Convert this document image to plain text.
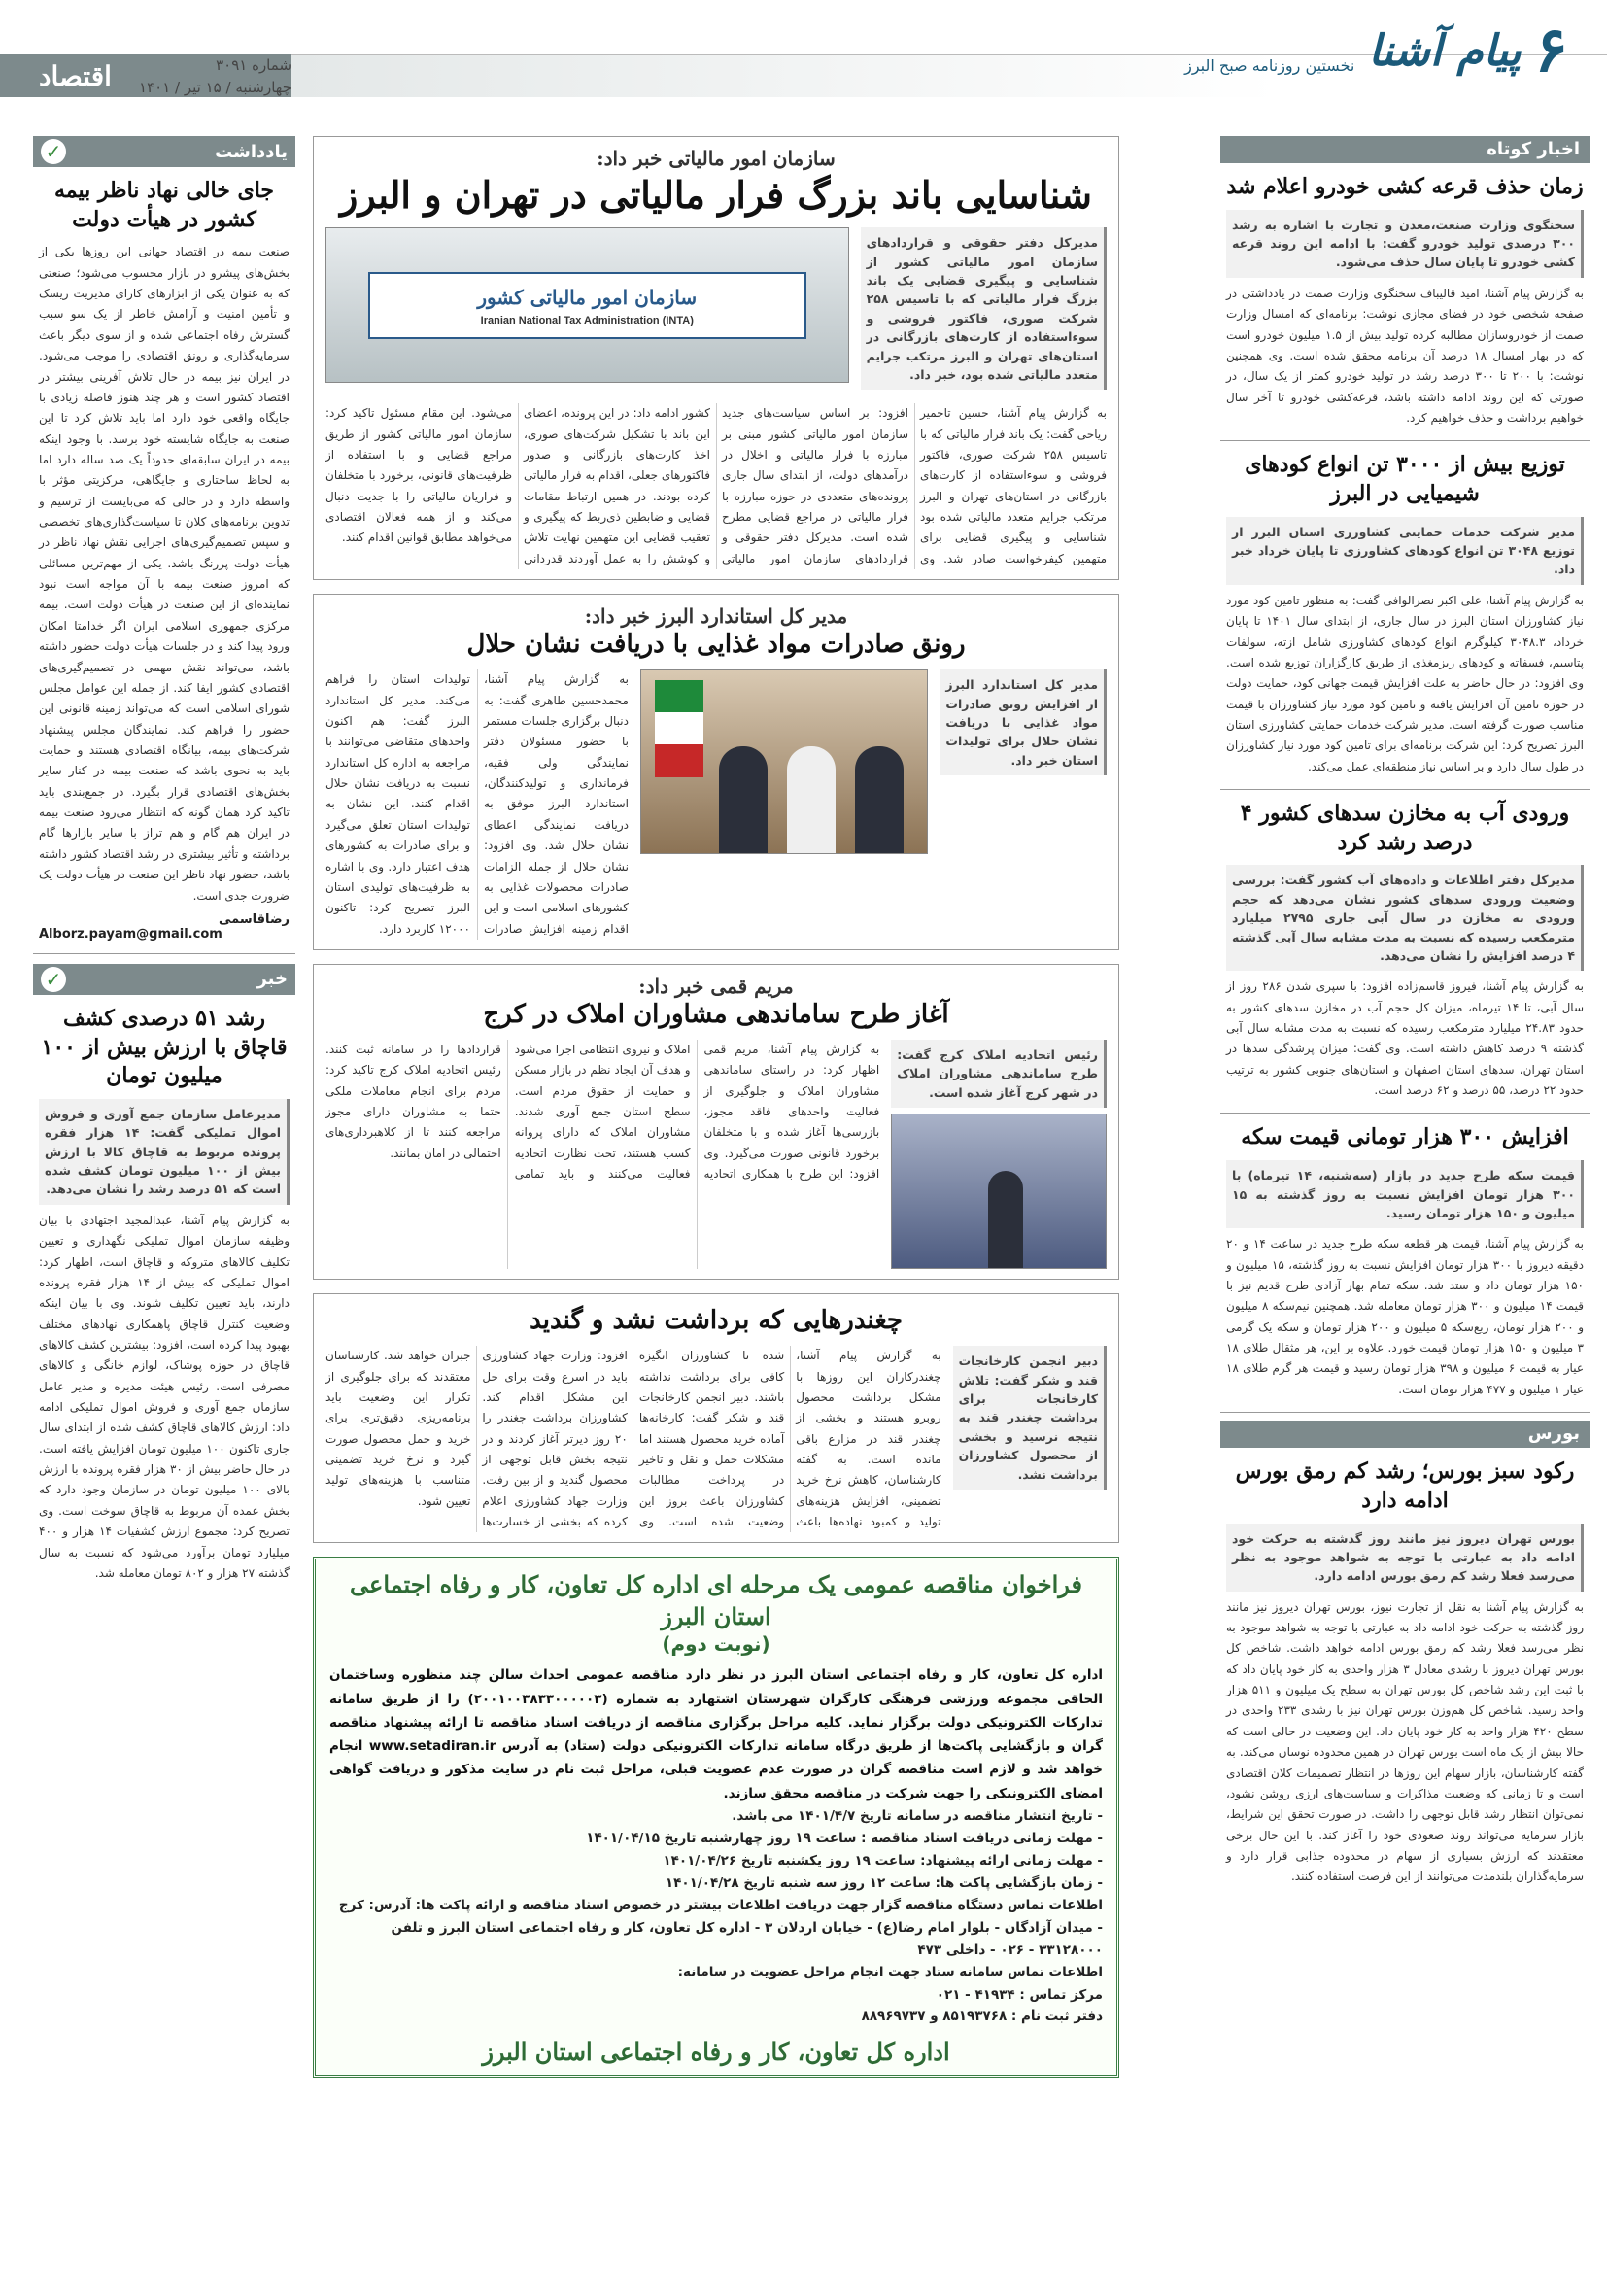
۶
پیام آشنا
نخستین روزنامه صبح البرز
اقتصاد	شماره ۳۰۹۱
چهارشنبه / ۱۵ تیر / ۱۴۰۱
اخبار کوتاه
زمان حذف قرعه کشی خودرو اعلام شد
سخنگوی وزارت صنعت،معدن و تجارت با اشاره به رشد ۳۰۰ درصدی تولید خودرو گفت: با ادامه این روند قرعه کشی خودرو تا پایان سال حذف می‌شود.
به گزارش پیام آشنا، امید قالیباف سخنگوی وزارت صمت در یادداشتی در صفحه شخصی خود در فضای مجازی نوشت: برنامه‌ای که امسال وزارت صمت از خودروسازان مطالبه کرده تولید بیش از ۱.۵ میلیون خودرو است که در بهار امسال ۱۸ درصد آن برنامه محقق شده است. وی همچنین نوشت: با ۲۰۰ تا ۳۰۰ درصد رشد در تولید خودرو کمتر از یک سال، در صورتی که این روند ادامه داشته باشد، قرعه‌کشی خودرو تا آخر سال خواهیم برداشت و حذف خواهیم کرد.
توزیع بیش از ۳۰۰۰ تن انواع کودهای شیمیایی در البرز
مدیر شرکت خدمات حمایتی کشاورزی استان البرز از توزیع ۳۰۴۸ تن انواع کودهای کشاورزی تا پایان خرداد خبر داد.
به گزارش پیام آشنا، علی اکبر نصرالوافی گفت: به منظور تامین کود مورد نیاز کشاورزان استان البرز در سال جاری، از ابتدای سال ۱۴۰۱ تا پایان خرداد، ۳۰۴۸.۳ کیلوگرم انواع کودهای کشاورزی شامل ازته، سولفات پتاسیم، فسفاته و کودهای ریزمغذی از طریق کارگزاران توزیع شده است. وی افزود: در حال حاضر به علت افزایش قیمت جهانی کود، حمایت دولت در حوزه تامین آن افزایش یافته و تامین کود مورد نیاز کشاورزان با قیمت مناسب صورت گرفته است. مدیر شرکت خدمات حمایتی کشاورزی استان البرز تصریح کرد: این شرکت برنامه‌ای برای تامین کود مورد نیاز کشاورزان در طول سال دارد و بر اساس نیاز منطقه‌ای عمل می‌کند.
ورودی آب به مخازن سدهای کشور ۴ درصد رشد کرد
مدیرکل دفتر اطلاعات و داده‌های آب کشور گفت: بررسی وضعیت ورودی سدهای کشور نشان می‌دهد که حجم ورودی به مخازن در سال آبی جاری ۲۷۹۵ میلیارد مترمکعب رسیده که نسبت به مدت مشابه سال آبی گذشته ۴ درصد افزایش را نشان می‌دهد.
به گزارش پیام آشنا، فیروز قاسم‌زاده افزود: با سپری شدن ۲۸۶ روز از سال آبی، تا ۱۴ تیرماه، میزان کل حجم آب در مخازن سدهای کشور به حدود ۲۴.۸۳ میلیارد مترمکعب رسیده که نسبت به مدت مشابه سال آبی گذشته ۹ درصد کاهش داشته است. وی گفت: میزان پرشدگی سدها در استان تهران، سدهای استان اصفهان و استان‌های جنوبی کشور به ترتیب حدود ۲۲ درصد، ۵۵ درصد و ۶۲ درصد است.
افزایش ۳۰۰ هزار تومانی قیمت سکه
قیمت سکه طرح جدید در بازار (سه‌شنبه، ۱۴ تیرماه) با ۳۰۰ هزار تومان افزایش نسبت به روز گذشته به ۱۵ میلیون و ۱۵۰ هزار تومان رسید.
به گزارش پیام آشنا، قیمت هر قطعه سکه طرح جدید در ساعت ۱۴ و ۲۰ دقیقه دیروز با ۳۰۰ هزار تومان افزایش نسبت به روز گذشته، ۱۵ میلیون و ۱۵۰ هزار تومان داد و ستد شد. سکه تمام بهار آزادی طرح قدیم نیز با قیمت ۱۴ میلیون و ۳۰۰ هزار تومان معامله شد. همچنین نیم‌سکه ۸ میلیون و ۲۰۰ هزار تومان، ربع‌سکه ۵ میلیون و ۲۰۰ هزار تومان و سکه یک گرمی ۳ میلیون و ۱۵۰ هزار تومان قیمت خورد. علاوه بر این، هر مثقال طلای ۱۸ عیار به قیمت ۶ میلیون و ۳۹۸ هزار تومان رسید و قیمت هر گرم طلای ۱۸ عیار ۱ میلیون و ۴۷۷ هزار تومان است.
بورس
رکود سبز بورس؛ رشد کم رمق بورس ادامه دارد
بورس تهران دیروز نیز مانند روز گذشته به حرکت خود ادامه داد به عبارتی با توجه به شواهد موجود به نظر می‌رسد فعلا رشد کم رمق بورس ادامه دارد.
به گزارش پیام آشنا به نقل از تجارت نیوز، بورس تهران دیروز نیز مانند روز گذشته به حرکت خود ادامه داد به عبارتی با توجه به شواهد موجود به نظر می‌رسد فعلا رشد کم رمق بورس ادامه خواهد داشت. شاخص کل بورس تهران دیروز با رشدی معادل ۳ هزار واحدی به کار خود پایان داد که با ثبت این رشد شاخص کل بورس تهران به سطح یک میلیون و ۵۱۱ هزار واحد رسید. شاخص کل هم‌وزن بورس تهران نیز با رشدی ۲۳۳ واحدی در سطح ۴۲۰ هزار واحد به کار خود پایان داد. این وضعیت در حالی است که حالا بیش از یک ماه است بورس تهران در همین محدوده نوسان می‌کند. به گفته کارشناسان، بازار سهام این روزها در انتظار تصمیمات کلان اقتصادی است و تا زمانی که وضعیت مذاکرات و سیاست‌های ارزی روشن نشود، نمی‌توان انتظار رشد قابل توجهی را داشت. در صورت تحقق این شرایط، بازار سرمایه می‌تواند روند صعودی خود را آغاز کند. با این حال برخی معتقدند که ارزش بسیاری از سهام در محدوده جذابی قرار دارد و سرمایه‌گذاران بلندمدت می‌توانند از این فرصت استفاده کنند.
سازمان امور مالیاتی خبر داد:
شناسایی باند بزرگ فرار مالیاتی در تهران و البرز
مدیرکل دفتر حقوقی و قراردادهای سازمان امور مالیاتی کشور از شناسایی و پیگیری قضایی یک باند بزرگ فرار مالیاتی که با تاسیس ۲۵۸ شرکت صوری، فاکتور فروشی و سوءاستفاده از کارت‌های بازرگانی در استان‌های تهران و البرز مرتکب جرایم متعدد مالیاتی شده بود، خبر داد.
سازمان امور مالیاتی کشور
Iranian National Tax Administration (INTA)
به گزارش پیام آشنا، حسین تاجمیر ریاحی گفت: یک باند فرار مالیاتی که با تاسیس ۲۵۸ شرکت صوری، فاکتور فروشی و سوءاستفاده از کارت‌های بازرگانی در استان‌های تهران و البرز مرتکب جرایم متعدد مالیاتی شده بود شناسایی و پیگیری قضایی برای متهمین کیفرخواست صادر شد. وی افزود: بر اساس سیاست‌های جدید سازمان امور مالیاتی کشور مبنی بر مبارزه با فرار مالیاتی و اخلال در درآمدهای دولت، از ابتدای سال جاری پرونده‌های متعددی در حوزه مبارزه با فرار مالیاتی در مراجع قضایی مطرح شده است. مدیرکل دفتر حقوقی و قراردادهای سازمان امور مالیاتی کشور ادامه داد: در این پرونده، اعضای این باند با تشکیل شرکت‌های صوری، اخذ کارت‌های بازرگانی و صدور فاکتورهای جعلی، اقدام به فرار مالیاتی کرده بودند. در همین ارتباط مقامات قضایی و ضابطین ذی‌ربط که پیگیری و تعقیب قضایی این متهمین نهایت تلاش و کوشش را به عمل آوردند قدردانی می‌شود. این مقام مسئول تاکید کرد: سازمان امور مالیاتی کشور از طریق مراجع قضایی و با استفاده از ظرفیت‌های قانونی، برخورد با متخلفان و فراریان مالیاتی را با جدیت دنبال می‌کند و از همه فعالان اقتصادی می‌خواهد مطابق قوانین اقدام کنند.
مدیر کل استاندارد البرز خبر داد:
رونق صادرات مواد غذایی با دریافت نشان حلال
مدیر کل استاندارد البرز از افزایش رونق صادرات مواد غذایی با دریافت نشان حلال برای تولیدات استان خبر داد.
به گزارش پیام آشنا، محمدحسین طاهری گفت: به دنبال برگزاری جلسات مستمر با حضور مسئولان دفتر نمایندگی ولی فقیه، فرمانداری و تولیدکنندگان، استاندارد البرز موفق به دریافت نمایندگی اعطای نشان حلال شد. وی افزود: نشان حلال از جمله الزامات صادرات محصولات غذایی به کشورهای اسلامی است و این اقدام زمینه افزایش صادرات تولیدات استان را فراهم می‌کند. مدیر کل استاندارد البرز گفت: هم اکنون واحدهای متقاضی می‌توانند با مراجعه به اداره کل استاندارد نسبت به دریافت نشان حلال اقدام کنند. این نشان به تولیدات استان تعلق می‌گیرد و برای صادرات به کشورهای هدف اعتبار دارد. وی با اشاره به ظرفیت‌های تولیدی استان البرز تصریح کرد: تاکنون ۱۲۰۰۰ کاربرد دارد.
مریم قمی خبر داد:
آغاز طرح ساماندهی مشاوران املاک در کرج
رئیس اتحادیه املاک کرج گفت: طرح ساماندهی مشاوران املاک در شهر کرج آغاز شده است.
به گزارش پیام آشنا، مریم قمی اظهار کرد: در راستای ساماندهی مشاوران املاک و جلوگیری از فعالیت واحدهای فاقد مجوز، بازرسی‌ها آغاز شده و با متخلفان برخورد قانونی صورت می‌گیرد. وی افزود: این طرح با همکاری اتحادیه املاک و نیروی انتظامی اجرا می‌شود و هدف آن ایجاد نظم در بازار مسکن و حمایت از حقوق مردم است. سطح استان جمع آوری شدند. مشاوران املاک که دارای پروانه کسب هستند، تحت نظارت اتحادیه فعالیت می‌کنند و باید تمامی قراردادها را در سامانه ثبت کنند. رئیس اتحادیه املاک کرج تاکید کرد: مردم برای انجام معاملات ملکی حتما به مشاوران دارای مجوز مراجعه کنند تا از کلاهبرداری‌های احتمالی در امان بمانند.
چغندرهایی که برداشت نشد و گندید
دبیر انجمن کارخانجات قند و شکر گفت: تلاش کارخانجات برای برداشت چغندر قند به نتیجه نرسید و بخشی از محصول کشاورزان برداشت نشد.
به گزارش پیام آشنا، چغندرکاران این روزها با مشکل برداشت محصول روبرو هستند و بخشی از چغندر قند در مزارع باقی مانده است. به گفته کارشناسان، کاهش نرخ خرید تضمینی، افزایش هزینه‌های تولید و کمبود نهاده‌ها باعث شده تا کشاورزان انگیزه کافی برای برداشت نداشته باشند. دبیر انجمن کارخانجات قند و شکر گفت: کارخانه‌ها آماده خرید محصول هستند اما مشکلات حمل و نقل و تاخیر در پرداخت مطالبات کشاورزان باعث بروز این وضعیت شده است. وی افزود: وزارت جهاد کشاورزی باید در اسرع وقت برای حل این مشکل اقدام کند. کشاورزان برداشت چغندر را ۲۰ روز دیرتر آغاز کردند و در نتیجه بخش قابل توجهی از محصول گندید و از بین رفت. وزارت جهاد کشاورزی اعلام کرده که بخشی از خسارت‌ها جبران خواهد شد. کارشناسان معتقدند که برای جلوگیری از تکرار این وضعیت باید برنامه‌ریزی دقیق‌تری برای خرید و حمل محصول صورت گیرد و نرخ خرید تضمینی متناسب با هزینه‌های تولید تعیین شود.
فراخوان مناقصه عمومی یک مرحله ای اداره کل تعاون، کار و رفاه اجتماعی استان البرز
(نوبت دوم)
اداره کل تعاون، کار و رفاه اجتماعی استان البرز در نظر دارد مناقصه عمومی احداث سالن چند منظوره وساختمان الحاقی مجموعه ورزشی فرهنگی کارگران شهرستان اشتهارد به شماره (۲۰۰۱۰۰۳۸۳۳۰۰۰۰۰۳) را از طریق سامانه تدارکات الکترونیکی دولت برگزار نماید. کلیه مراحل برگزاری مناقصه از دریافت اسناد مناقصه تا ارائه پیشنهاد مناقصه گران و بازگشایی پاکت‌ها از طریق درگاه سامانه تدارکات الکترونیکی دولت (ستاد) به آدرس www.setadiran.ir انجام خواهد شد و لازم است مناقصه گران در صورت عدم عضویت قبلی، مراحل ثبت نام در سایت مذکور و دریافت گواهی امضای الکترونیکی را جهت شرکت در مناقصه محقق سازند.
- تاریخ انتشار مناقصه در سامانه تاریخ ۱۴۰۱/۴/۷ می باشد.
- مهلت زمانی دریافت اسناد مناقصه : ساعت ۱۹ روز چهارشنبه تاریخ ۱۴۰۱/۰۴/۱۵
- مهلت زمانی ارائه پیشنهاد: ساعت ۱۹ روز یکشنبه تاریخ ۱۴۰۱/۰۴/۲۶
- زمان بازگشایی پاکت ها: ساعت ۱۲ روز سه شنبه تاریخ ۱۴۰۱/۰۴/۲۸
اطلاعات تماس دستگاه مناقصه گزار جهت دریافت اطلاعات بیشتر در خصوص اسناد مناقصه و ارائه پاکت ها: آدرس: کرج - میدان آزادگان - بلوار امام رضا(ع) - خیابان اردلان ۳ - اداره کل تعاون، کار و رفاه اجتماعی استان البرز و تلفن ۳۳۱۲۸۰۰۰ - ۰۲۶ - داخلی ۴۷۳
اطلاعات تماس سامانه ستاد جهت انجام مراحل عضویت در سامانه:
مرکز تماس : ۴۱۹۳۴ - ۰۲۱
دفتر ثبت نام : ۸۵۱۹۳۷۶۸ و ۸۸۹۶۹۷۳۷
اداره کل تعاون، کار و رفاه اجتماعی استان البرز
یادداشت
✓
جای خالی نهاد ناظر بیمه کشور در هیأت دولت
صنعت بیمه در اقتصاد جهانی این روزها یکی از بخش‌های پیشرو در بازار محسوب می‌شود؛ صنعتی که به عنوان یکی از ابزارهای کارای مدیریت ریسک و تأمین امنیت و آرامش خاطر از یک سو سبب گسترش رفاه اجتماعی شده و از سوی دیگر باعث سرمایه‌گذاری و رونق اقتصادی را موجب می‌شود. در ایران نیز بیمه در حال تلاش آفرینی بیشتر در اقتصاد کشور است و هر چند هنوز فاصله زیادی با جایگاه واقعی خود دارد اما باید تلاش کرد تا این صنعت به جایگاه شایسته خود برسد. با وجود اینکه بیمه در ایران سابقه‌ای حدوداً یک صد ساله دارد اما به لحاظ ساختاری و جایگاهی، مرکزیتی مؤثر با واسطه دارد و در حالی که می‌بایست از ترسیم و تدوین برنامه‌های کلان تا سیاست‌گذاری‌های تخصصی و سپس تصمیم‌گیری‌های اجرایی نقش نهاد ناظر در هیأت دولت پررنگ باشد. یکی از مهم‌ترین مسائلی که امروز صنعت بیمه با آن مواجه است نبود نماینده‌ای از این صنعت در هیأت دولت است. بیمه مرکزی جمهوری اسلامی ایران اگر خدامتا امکان ورود پیدا کند و در جلسات هیأت دولت حضور داشته باشد، می‌تواند نقش مهمی در تصمیم‌گیری‌های اقتصادی کشور ایفا کند. از جمله این عوامل مجلس شورای اسلامی است که می‌تواند زمینه قانونی این حضور را فراهم کند. نمایندگان مجلس پیشنهاد شرکت‌های بیمه، بیانگاه اقتصادی هستند و حمایت باید به نحوی باشد که صنعت بیمه در کنار سایر بخش‌های اقتصادی قرار بگیرد. در جمع‌بندی باید تاکید کرد همان گونه که انتظار می‌رود صنعت بیمه در ایران هم گام و هم تراز با سایر بازارها گام برداشته و تأثیر بیشتری در رشد اقتصاد کشور داشته باشد، حضور نهاد ناظر این صنعت در هیأت دولت یک ضرورت جدی است.
رضاقاسمی
Alborz.payam@gmail.com
خبر
✓
رشد ۵۱ درصدی کشف قاچاق با ارزش بیش از ۱۰۰ میلیون تومان
مدیرعامل سازمان جمع آوری و فروش اموال تملیکی گفت: ۱۴ هزار فقره پرونده مربوط به قاچاق کالا با ارزش بیش از ۱۰۰ میلیون تومان کشف شده است که ۵۱ درصد رشد را نشان می‌دهد.
به گزارش پیام آشنا، عبدالمجید اجتهادی با بیان وظیفه سازمان اموال تملیکی نگهداری و تعیین تکلیف کالاهای متروکه و قاچاق است، اظهار کرد: اموال تملیکی که بیش از ۱۴ هزار فقره پرونده دارند، باید تعیین تکلیف شوند. وی با بیان اینکه وضعیت کنترل قاچاق پاهمکاری نهادهای مختلف بهبود پیدا کرده است، افزود: بیشترین کشف کالاهای قاچاق در حوزه پوشاک، لوازم خانگی و کالاهای مصرفی است. رئیس هیئت مدیره و مدیر عامل سازمان جمع آوری و فروش اموال تملیکی ادامه داد: ارزش کالاهای قاچاق کشف شده از ابتدای سال جاری تاکنون ۱۰۰ میلیون تومان افزایش یافته است. در حال حاضر بیش از ۳۰ هزار فقره پرونده با ارزش بالای ۱۰۰ میلیون تومان در سازمان وجود دارد که بخش عمده آن مربوط به قاچاق سوخت است. وی تصریح کرد: مجموع ارزش کشفیات ۱۴ هزار و ۴۰۰ میلیارد تومان برآورد می‌شود که نسبت به سال گذشته ۲۷ هزار و ۸۰۲ تومان معامله شد.
